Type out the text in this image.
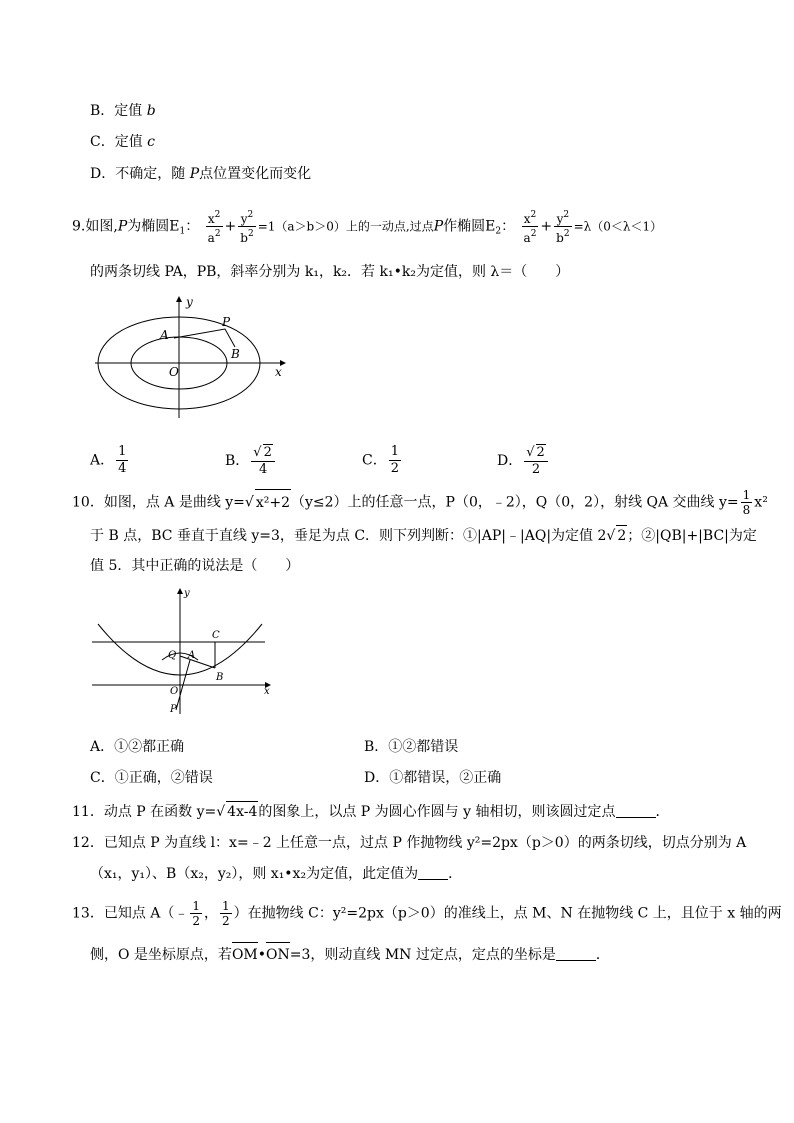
B．定值 b
C．定值 c
D．不确定，随 P点位置变化而变化
9.如图,P为椭圆$E_1$： $\frac{x^2}{a^2} + \frac{y^2}{b^2} =1(a>b>0)$上的一动点,过点P作椭圆$E_2$： $\frac{x^2}{a^2} + \frac{y^2}{b^2} =\lambda(0<\lambda<1)$
的两条切线 PA，PB，斜率分别为 k₁，k₂．若 k₁•k₂为定值，则 λ＝（　　）
y
x
A
P
B
O
A． $\frac{1}{4}$	B． $\frac{√ 2}{4}$	C． $\frac{1}{2}$	D． $\frac{√ 2}{2}$
10．如图，点 A 是曲线 y=√ x²+2（y≤2）上的任意一点，P（0，﹣2），Q（0，2），射线 QA 交曲线 $y= \frac{1}{8} x^2$
于 B 点，BC 垂直于直线 y=3，垂足为点 C．则下列判断：①|AP|﹣|AQ|为定值 2√ 2；②|QB|+|BC|为定
值 5．其中正确的说法是（　　）
y
x
C
Q A
B
O
P
A．①②都正确	B．①②都错误
C．①正确，②错误	D．①都错误，②正确
11．动点 P 在函数 y=√ 4x-4的图象上，以点 P 为圆心作圆与 y 轴相切，则该圆过定点	．
12．已知点 P 为直线 l：x=﹣2 上任意一点，过点 P 作抛物线 y²=2px（p＞0）的两条切线，切点分别为 A
（x₁，y₁）、B（x₂，y₂），则 x₁•x₂为定值，此定值为 ．
13．已知点 A（﹣ $\frac{1}{2}$ ， $\frac{1}{2}$ ）在抛物线 C：y²=2px（p＞0）的准线上，点 M、N 在抛物线 C 上，且位于 x 轴的两
侧，O 是坐标原点，若OM•ON=3，则动直线 MN 过定点，定点的坐标是	．
